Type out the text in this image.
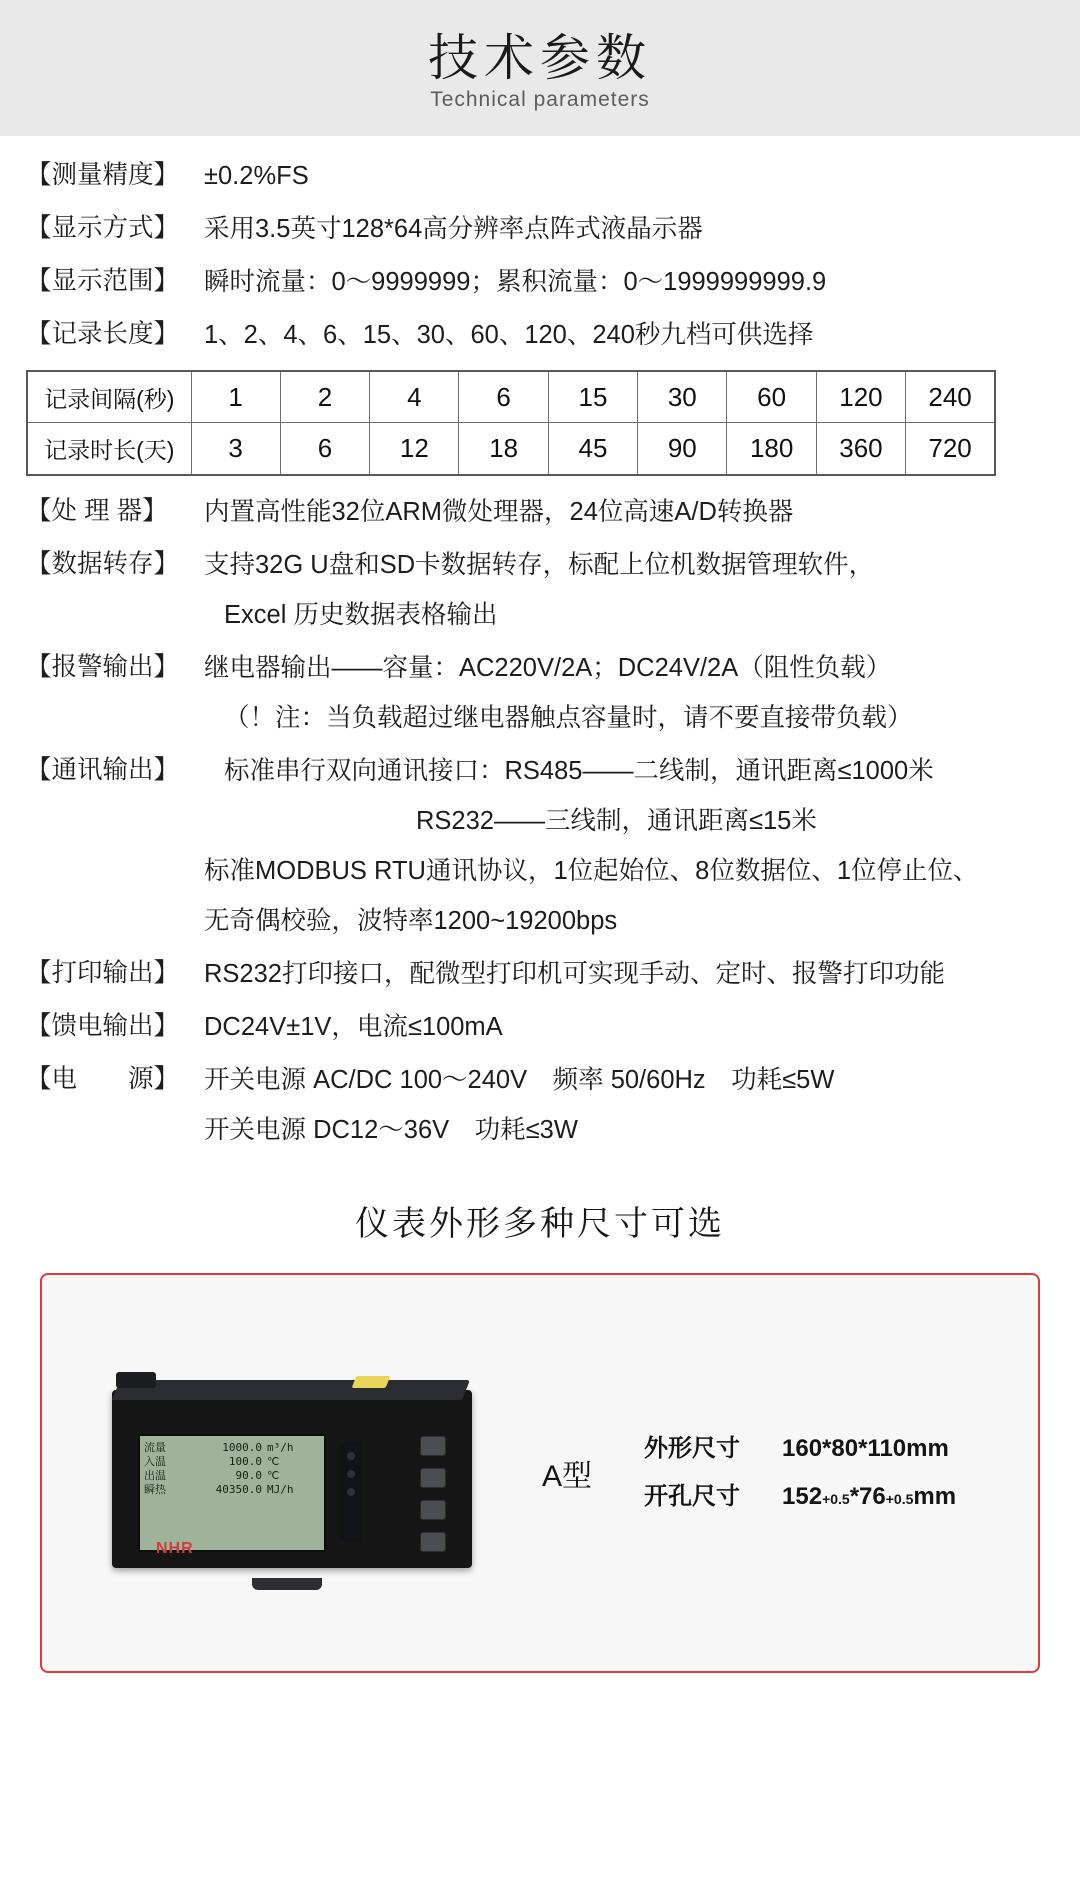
技术参数
Technical parameters
【测量精度】 ±0.2%FS
【显示方式】 采用3.5英寸128*64高分辨率点阵式液晶示器
【显示范围】 瞬时流量：0～9999999；累积流量：0～1999999999.9
【记录长度】 1、2、4、6、15、30、60、120、240秒九档可供选择
记录间隔(秒)	1	2	4	6	15	30	60	120	240
记录时长(天)	3	6	12	18	45	90	180	360	720
【处 理 器】	内置高性能32位ARM微处理器，24位高速A/D转换器
【数据转存】 支持32G U盘和SD卡数据转存，标配上位机数据管理软件，
Excel 历史数据表格输出
【报警输出】 继电器输出——容量：AC220V/2A；DC24V/2A（阻性负载）
（！注：当负载超过继电器触点容量时，请不要直接带负载）
【通讯输出】	标准串行双向通讯接口：RS485——二线制，通讯距离≤1000米
RS232——三线制，通讯距离≤15米
标准MODBUS RTU通讯协议，1位起始位、8位数据位、1位停止位、
无奇偶校验，波特率1200~19200bps
【打印输出】 RS232打印接口，配微型打印机可实现手动、定时、报警打印功能
【馈电输出】 DC24V±1V，电流≤100mA
【电　　源】 开关电源 AC/DC 100～240V　频率 50/60Hz　功耗≤5W
开关电源 DC12～36V　功耗≤3W
仪表外形多种尺寸可选
流量	1000.0 m³/h
入温	100.0 ℃
出温	90.0 ℃
瞬热	40350.0 MJ/h
NHR
A型
外形尺寸	160*80*110mm
开孔尺寸	152 +0.5 *76 +0.5 mm
